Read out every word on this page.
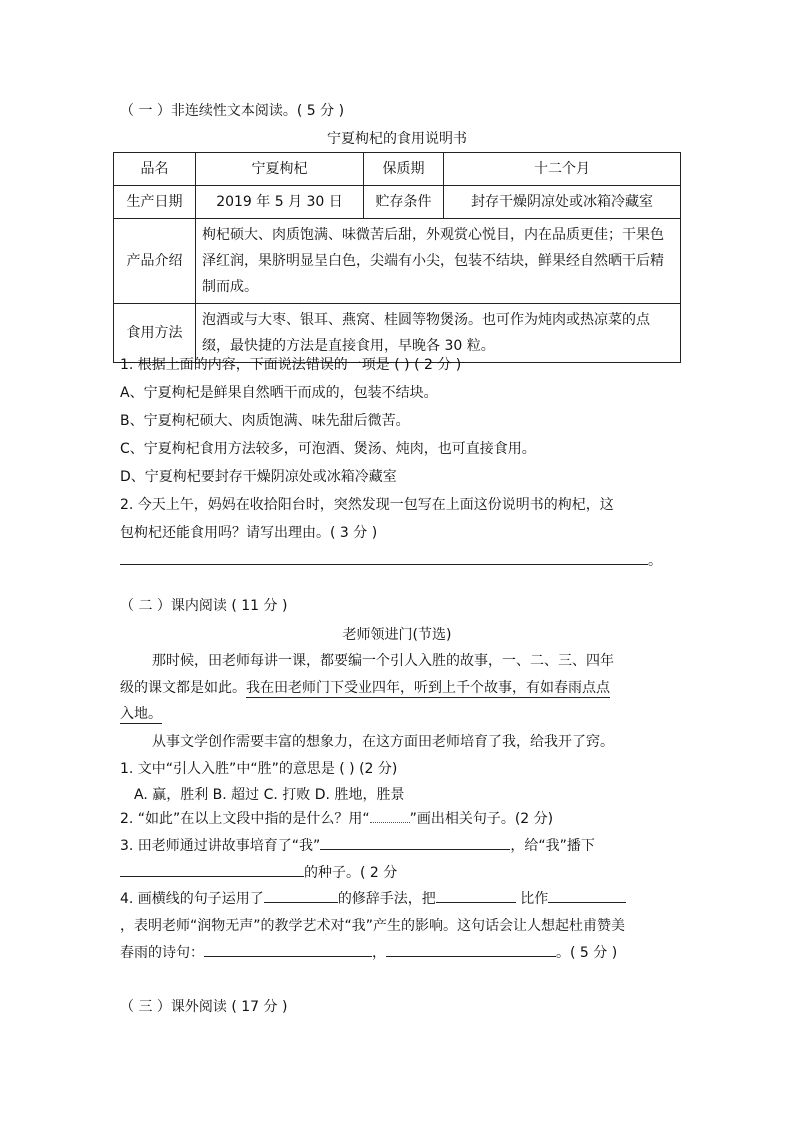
（ 一 ）非连续性文本阅读。( 5 分 )
宁夏枸杞的食用说明书
品名	宁夏枸杞	保质期	十二个月
生产日期	2019 年 5 月 30 日	贮存条件	封存干燥阴凉处或冰箱冷藏室
产品介绍	枸杞硕大、肉质饱满、味微苦后甜，外观赏心悦目，内在品质更佳；干果色泽红润，果脐明显呈白色，尖端有小尖，包装不结块，鲜果经自然晒干后精制而成。		
食用方法	泡酒或与大枣、银耳、燕窝、桂圆等物煲汤。也可作为炖肉或热凉菜的点缀，最快捷的方法是直接食用，早晚各 30 粒。		
1. 根据上面的内容，下面说法错误的一项是 ( ) ( 2 分 )
A、宁夏枸杞是鲜果自然晒干而成的，包装不结块。
B、宁夏枸杞硕大、肉质饱满、味先甜后微苦。
C、宁夏枸杞食用方法较多，可泡酒、煲汤、炖肉，也可直接食用。
D、宁夏枸杞要封存干燥阴凉处或冰箱冷藏室
2. 今天上午，妈妈在收拾阳台时，突然发现一包写在上面这份说明书的枸杞，这
包枸杞还能食用吗？请写出理由。( 3 分 )
。
（ 二 ）课内阅读 ( 11 分 )
老师领进门(节选)
那时候，田老师每讲一课，都要编一个引人入胜的故事，一、二、三、四年
级的课文都是如此。我在田老师门下受业四年，听到上千个故事，有如春雨点点
入地。
从事文学创作需要丰富的想象力，在这方面田老师培育了我，给我开了窍。
1. 文中“引人入胜”中“胜”的意思是 ( ) (2 分)
A. 赢，胜利 B. 超过 C. 打败 D. 胜地，胜景
2. “如此”在以上文段中指的是什么？用“	”画出相关句子。(2 分)
3. 田老师通过讲故事培育了“我”	，给“我”播下
的种子。( 2 分
4. 画横线的句子运用了	的修辞手法，把	比作
，表明老师“润物无声”的教学艺术对“我”产生的影响。这句话会让人想起杜甫赞美
春雨的诗句：	，	。( 5 分 )
（ 三 ）课外阅读 ( 17 分 )
